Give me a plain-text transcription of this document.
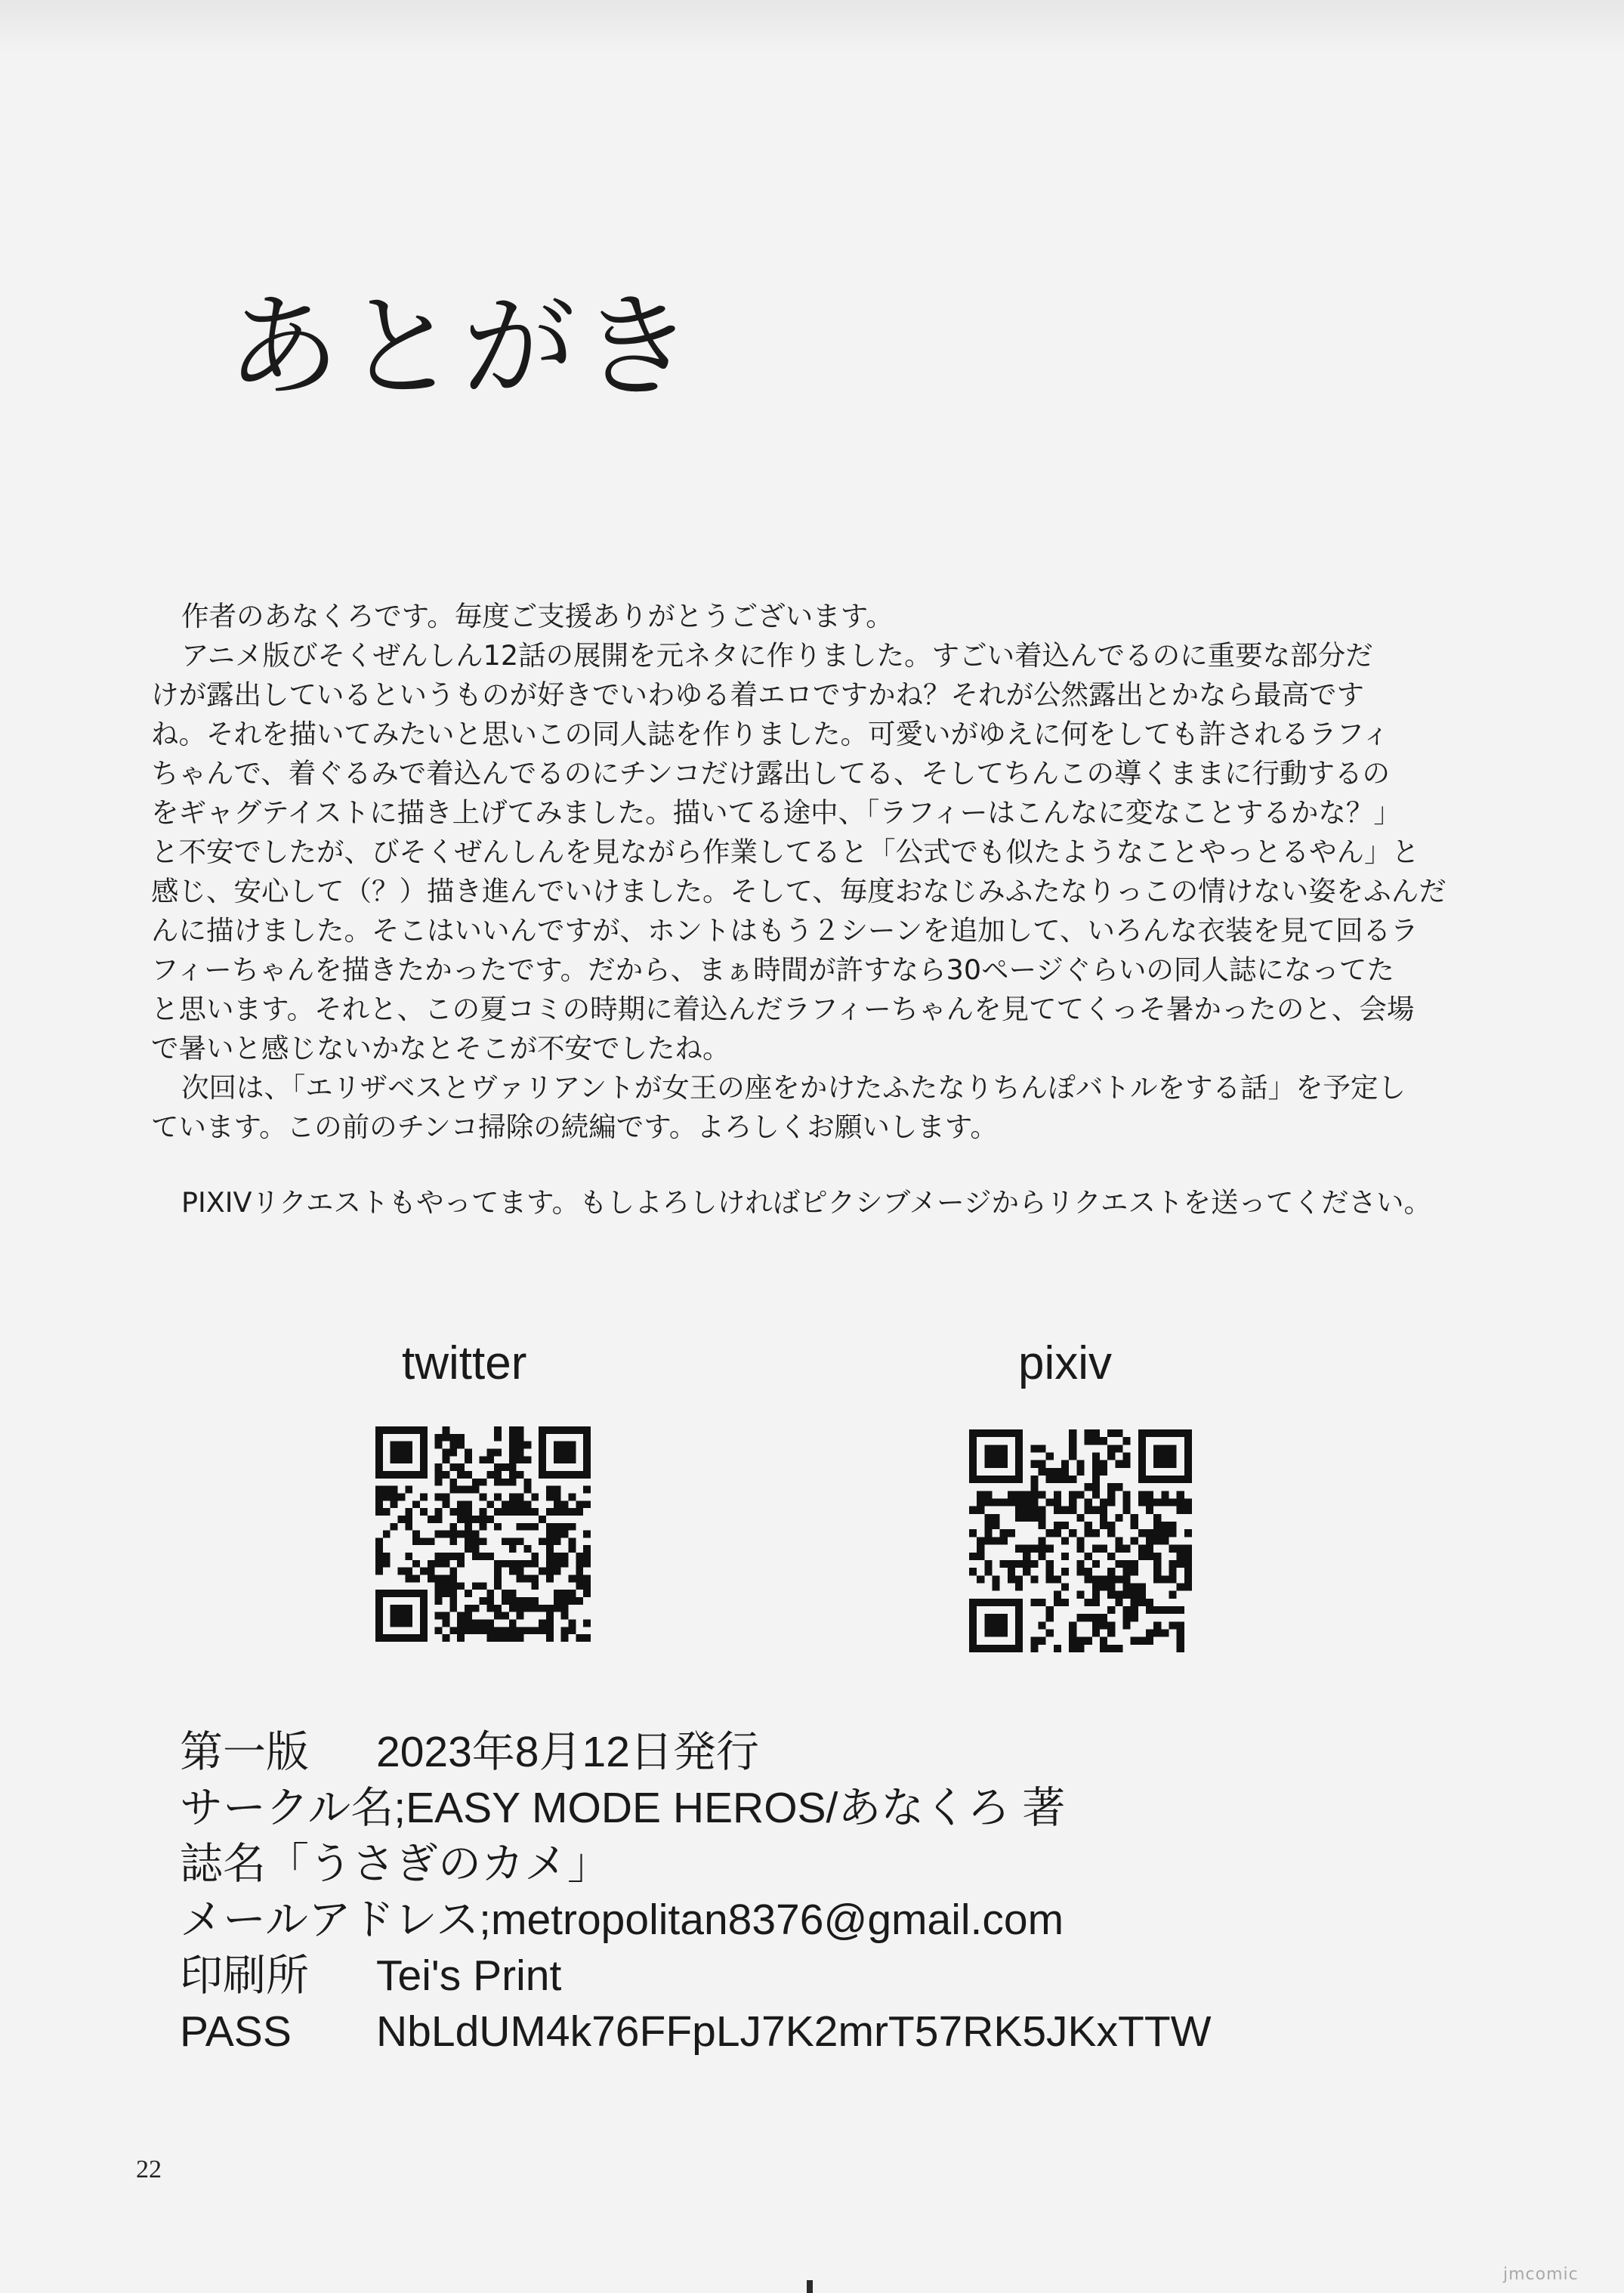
あとがき
作者のあなくろです。毎度ご支援ありがとうございます。
アニメ版びそくぜんしん12話の展開を元ネタに作りました。すごい着込んでるのに重要な部分だ
けが露出しているというものが好きでいわゆる着エロですかね？それが公然露出とかなら最高です
ね。それを描いてみたいと思いこの同人誌を作りました。可愛いがゆえに何をしても許されるラフィ
ちゃんで、着ぐるみで着込んでるのにチンコだけ露出してる、そしてちんこの導くままに行動するの
をギャグテイストに描き上げてみました。描いてる途中、「ラフィーはこんなに変なことするかな？」
と不安でしたが、びそくぜんしんを見ながら作業してると「公式でも似たようなことやっとるやん」と
感じ、安心して（？）描き進んでいけました。そして、毎度おなじみふたなりっこの情けない姿をふんだ
んに描けました。そこはいいんですが、ホントはもう２シーンを追加して、いろんな衣装を見て回るラ
フィーちゃんを描きたかったです。だから、まぁ時間が許すなら30ページぐらいの同人誌になってた
と思います。それと、この夏コミの時期に着込んだラフィーちゃんを見ててくっそ暑かったのと、会場
で暑いと感じないかなとそこが不安でしたね。
次回は、「エリザベスとヴァリアントが女王の座をかけたふたなりちんぽバトルをする話」を予定し
ています。この前のチンコ掃除の続編です。よろしくお願いします。
PIXIVリクエストもやってます。もしよろしければピクシブメージからリクエストを送ってください。
twitter	pixiv
第一版 2023年8月12日発行
サークル名;EASY MODE HEROS/あなくろ 著
誌名「うさぎのカメ」
メールアドレス;metropolitan8376@gmail.com
印刷所 Tei's Print
PASS NbLdUM4k76FFpLJ7K2mrT57RK5JKxTTW
22
jmcomic
